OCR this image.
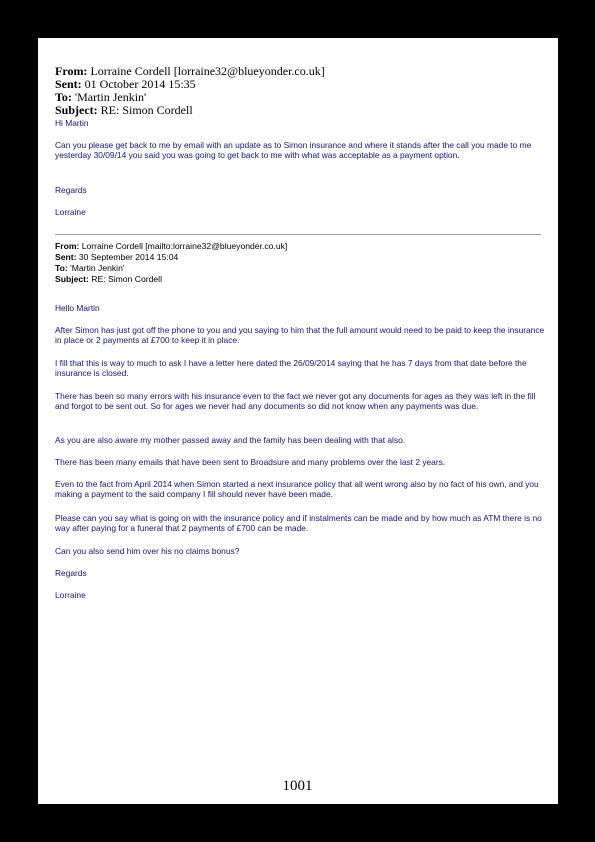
From: Lorraine Cordell [lorraine32@blueyonder.co.uk]
Sent: 01 October 2014 15:35
To: 'Martin Jenkin'
Subject: RE: Simon Cordell

Hi Martin

Can you please get back to me by email with an update as to Simon insurance and where it stands after the call you made to me yesterday 30/09/14 you said you was going to get back to me with what was acceptable as a payment option.

Regards

Lorraine

From: Lorraine Cordell [mailto:lorraine32@blueyonder.co.uk]
Sent: 30 September 2014 15:04
To: 'Martin Jenkin'
Subject: RE: Simon Cordell

Hello Martin

After Simon has just got off the phone to you and you saying to him that the full amount would need to be paid to keep the insurance in place or 2 payments at £700 to keep it in place.

I fill that this is way to much to ask I have a letter here dated the 26/09/2014 saying that he has 7 days from that date before the insurance is closed.

There has been so many errors with his insurance even to the fact we never got any documents for ages as they was left in the fill and forgot to be sent out. So for ages we never had any documents so did not know when any payments was due.

As you are also aware my mother passed away and the family has been dealing with that also.

There has been many emails that have been sent to Broadsure and many problems over the last 2 years.

Even to the fact from April 2014 when Simon started a next insurance policy that all went wrong also by no fact of his own, and you making a payment to the said company I fill should never have been made.

Please can you say what is going on with the insurance policy and if instalments can be made and by how much as ATM there is no way after paying for a funeral that 2 payments of £700 can be made.

Can you also send him over his no claims bonus?

Regards

Lorraine

1001
